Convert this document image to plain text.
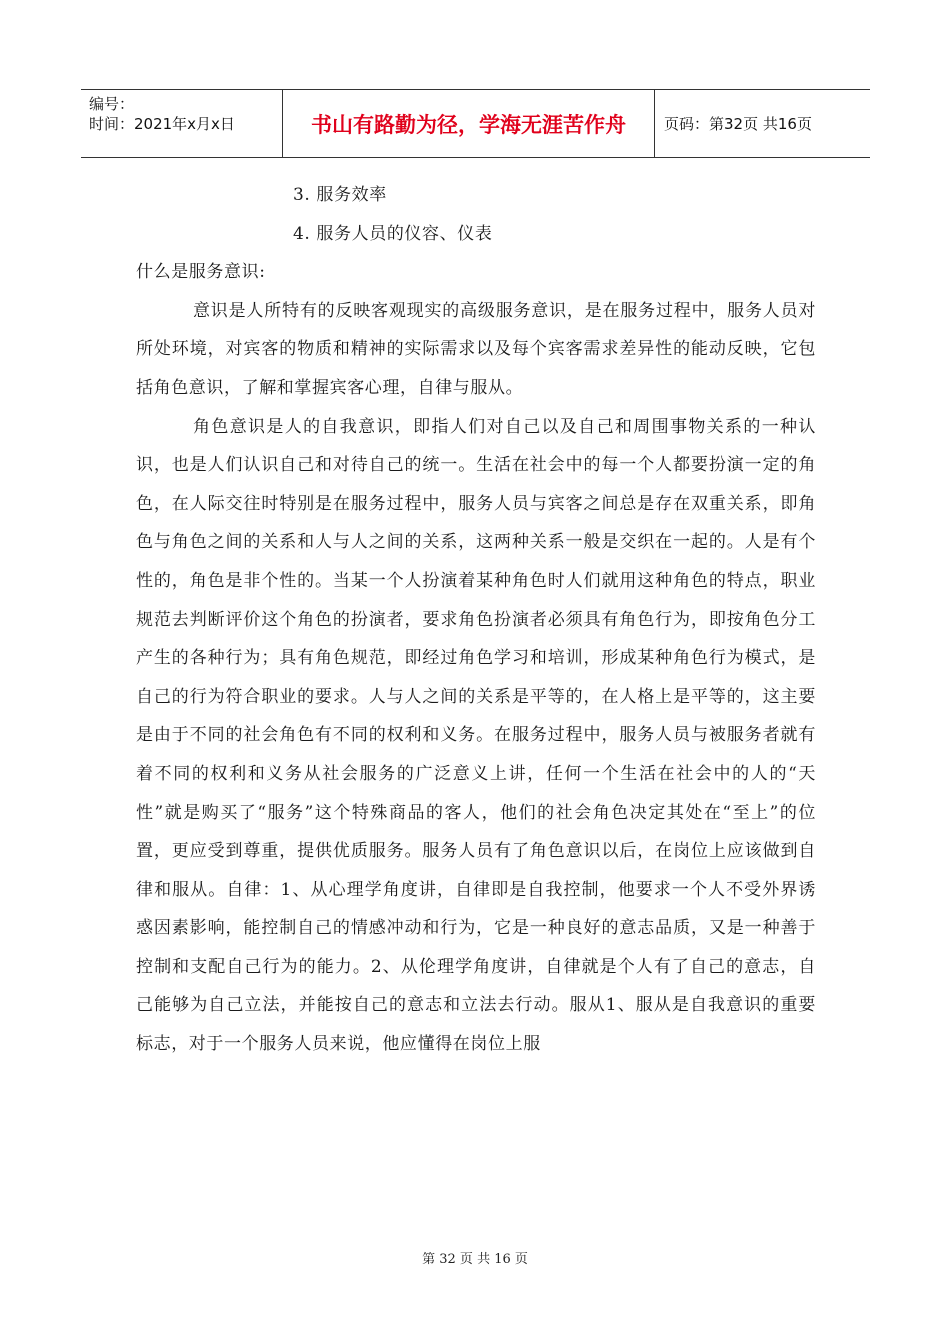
编号：
时间：2021年x月x日	书山有路勤为径，学海无涯苦作舟	页码：第32页 共16页

3. 服务效率

4. 服务人员的仪容、仪表

什么是服务意识:

意识是人所特有的反映客观现实的高级服务意识，是在服务过程中，服务人员对所处环境，对宾客的物质和精神的实际需求以及每个宾客需求差异性的能动反映，它包括角色意识，了解和掌握宾客心理，自律与服从。

角色意识是人的自我意识，即指人们对自己以及自己和周围事物关系的一种认识，也是人们认识自己和对待自己的统一。生活在社会中的每一个人都要扮演一定的角色，在人际交往时特别是在服务过程中，服务人员与宾客之间总是存在双重关系，即角色与角色之间的关系和人与人之间的关系，这两种关系一般是交织在一起的。人是有个性的，角色是非个性的。当某一个人扮演着某种角色时人们就用这种角色的特点，职业规范去判断评价这个角色的扮演者，要求角色扮演者必须具有角色行为，即按角色分工产生的各种行为；具有角色规范，即经过角色学习和培训，形成某种角色行为模式，是自己的行为符合职业的要求。人与人之间的关系是平等的，在人格上是平等的，这主要是由于不同的社会角色有不同的权利和义务。在服务过程中，服务人员与被服务者就有着不同的权利和义务从社会服务的广泛意义上讲，任何一个生活在社会中的人的“天性”就是购买了“服务”这个特殊商品的客人，他们的社会角色决定其处在“至上”的位置，更应受到尊重，提供优质服务。服务人员有了角色意识以后，在岗位上应该做到自律和服从。自律：1、从心理学角度讲，自律即是自我控制，他要求一个人不受外界诱惑因素影响，能控制自己的情感冲动和行为，它是一种良好的意志品质，又是一种善于控制和支配自己行为的能力。2、从伦理学角度讲，自律就是个人有了自己的意志，自己能够为自己立法，并能按自己的意志和立法去行动。服从1、服从是自我意识的重要标志，对于一个服务人员来说，他应懂得在岗位上服

第 32 页 共 16 页
